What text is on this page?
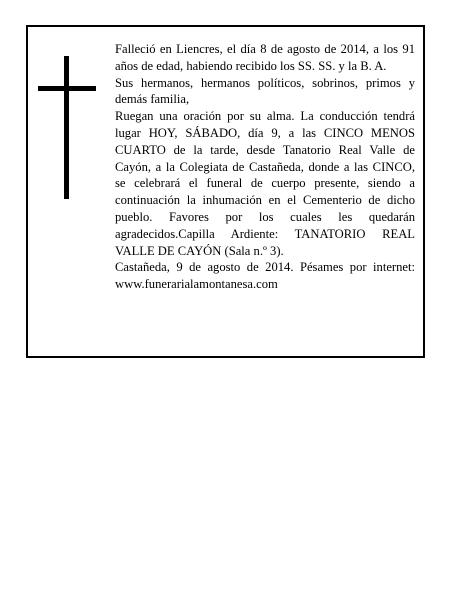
Falleció en Liencres, el día 8 de agosto de 2014, a los 91 años de edad, habiendo recibido los SS. SS. y la B. A.

Sus hermanos, hermanos políticos, sobrinos, primos y demás familia,

Ruegan una oración por su alma. La conducción tendrá lugar HOY, SÁBADO, día 9, a las CINCO MENOS CUARTO de la tarde, desde Tanatorio Real Valle de Cayón, a la Colegiata de Castañeda, donde a las CINCO, se celebrará el funeral de cuerpo presente, siendo a continuación la inhumación en el Cementerio de dicho pueblo. Favores por los cuales les quedarán agradecidos.Capilla Ardiente: TANATORIO REAL VALLE DE CAYÓN (Sala n.º 3).

Castañeda, 9 de agosto de 2014. Pésames por internet: www.funerarialamontanesa.com
